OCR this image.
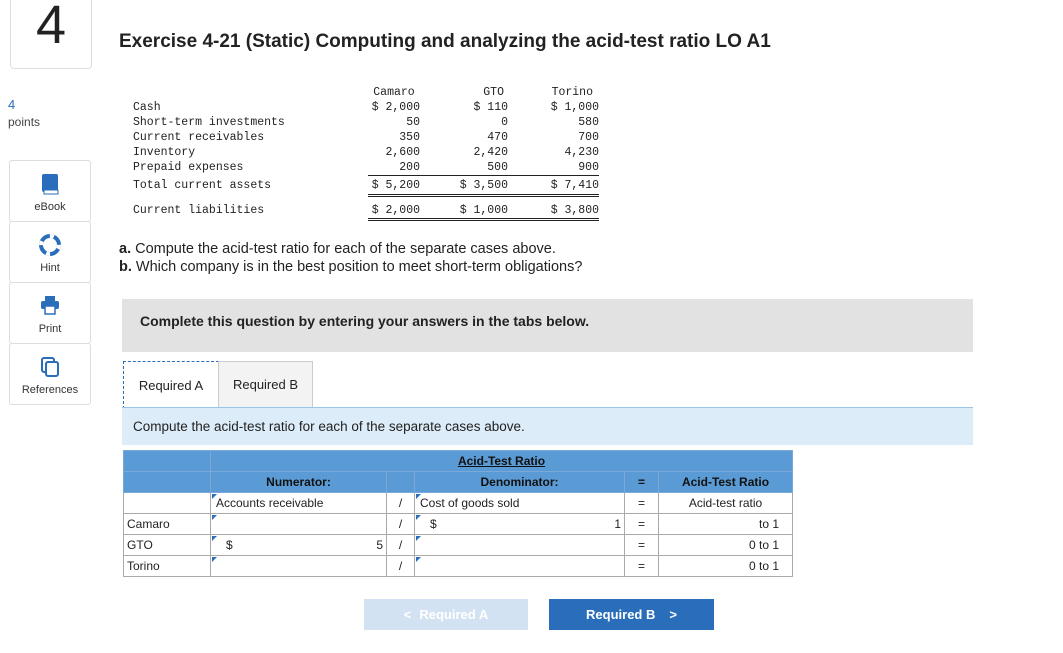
4
4
points
eBook
Hint
Print
References
Exercise 4-21 (Static) Computing and analyzing the acid-test ratio LO A1
	Camaro	GTO	Torino
Cash	$ 2,000	$ 110	$ 1,000
Short-term investments	50	0	580
Current receivables	350	470	700
Inventory	2,600	2,420	4,230
Prepaid expenses	200	500	900
Total current assets	$ 5,200	$ 3,500	$ 7,410
Current liabilities	$ 2,000	$ 1,000	$ 3,800
a. Compute the acid-test ratio for each of the separate cases above.
b. Which company is in the best position to meet short-term obligations?
Complete this question by entering your answers in the tabs below.
Required A	Required B
Compute the acid-test ratio for each of the separate cases above.
	Acid-Test Ratio				
	Numerator:		Denominator:	=	Acid-Test Ratio
	Accounts receivable	/	Cost of goods sold	=	Acid-test ratio
Camaro		/	$ 1	=	to 1
GTO	$ 5	/		=	0 to 1
Torino		/		=	0 to 1
< Required A	Required B >
